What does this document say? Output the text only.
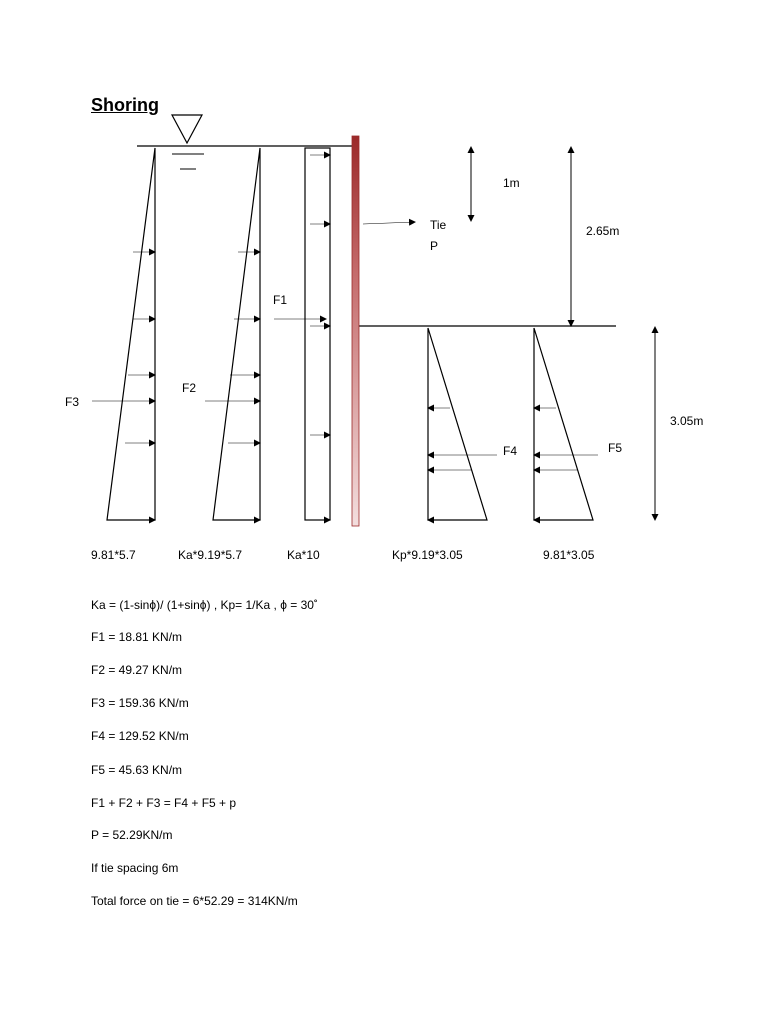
Shoring
F1
F2
F3
F4	F5
Tie
P
1m
2.65m
3.05m
9.81*5.7	Ka*9.19*5.7	Ka*10	Kp*9.19*3.05	9.81*3.05
Ka = (1-sinϕ)/ (1+sinϕ) , Kp= 1/Ka , ϕ = 30˚
F1 = 18.81 KN/m
F2 = 49.27 KN/m
F3 = 159.36 KN/m
F4 = 129.52 KN/m
F5 = 45.63 KN/m
F1 + F2 + F3 = F4 + F5 + p
P = 52.29KN/m
If tie spacing 6m
Total force on tie = 6*52.29 = 314KN/m
